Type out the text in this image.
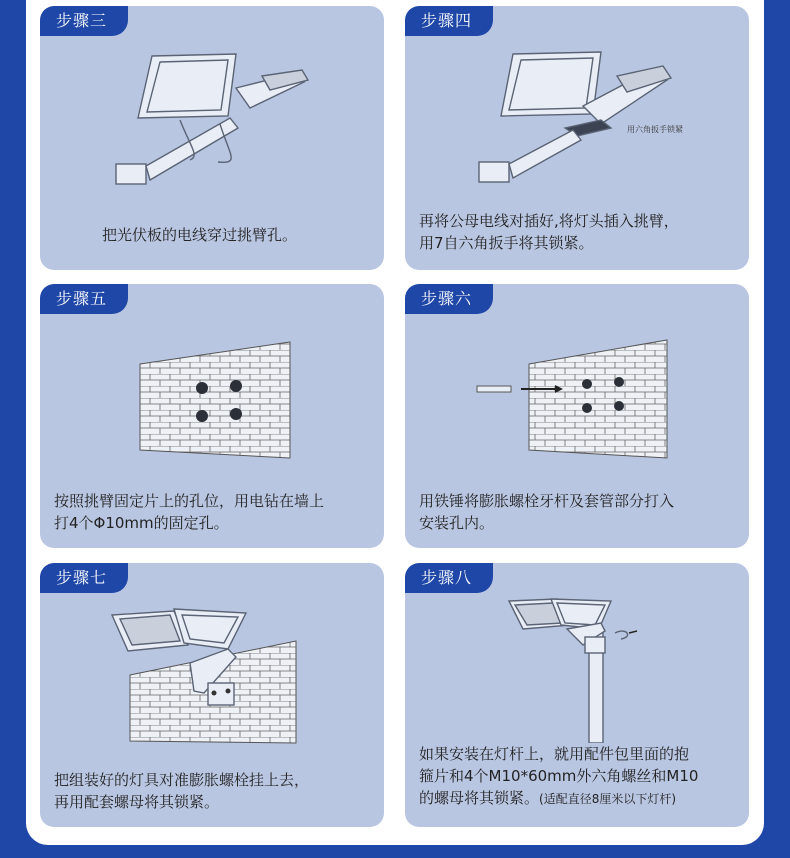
步骤三
把光伏板的电线穿过挑臂孔。
步骤四
用六角扳手锁紧
再将公母电线对插好,将灯头插入挑臂，
用7自六角扳手将其锁紧。
步骤五
按照挑臂固定片上的孔位，用电钻在墙上
打4个Φ10mm的固定孔。
步骤六
用铁锤将膨胀螺栓牙杆及套管部分打入
安装孔内。
步骤七
把组装好的灯具对准膨胀螺栓挂上去，
再用配套螺母将其锁紧。
步骤八
如果安装在灯杆上，就用配件包里面的抱
箍片和4个M10*60mm外六角螺丝和M10
的螺母将其锁紧。(适配直径8厘米以下灯杆)
